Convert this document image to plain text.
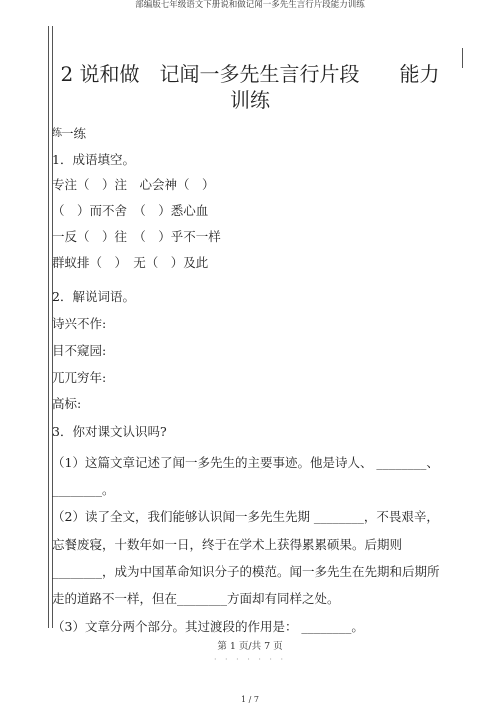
部编版七年级语文下册说和做记闻一多先生言行片段能力训练
2 说和做　记闻一多先生言行片段　　能力
训练
练 一练
1．成语填空。
专注（　）注　心会神（　）
（　）而不舍　（　）悉心血
一反（　）往　（　）乎不一样
群蚁排（　）　无（　）及此
2．解说词语。
诗兴不作:
目不窥园:
兀兀穷年:
高标:
3．你对课文认识吗?
（1）这篇文章记述了闻一多先生的主要事迹。他是诗人、 ________、
________。
（2）读了全文，我们能够认识闻一多先生先期 ________，不畏艰辛，
忘餐废寝，十数年如一日，终于在学术上获得累累硕果。后期则
________，成为中国革命知识分子的模范。闻一多先生在先期和后期所
走的道路不一样，但在________方面却有同样之处。
（3）文章分两个部分。其过渡段的作用是： ________。
第 1 页/共 7 页
· · · · · · ·
1 / 7
